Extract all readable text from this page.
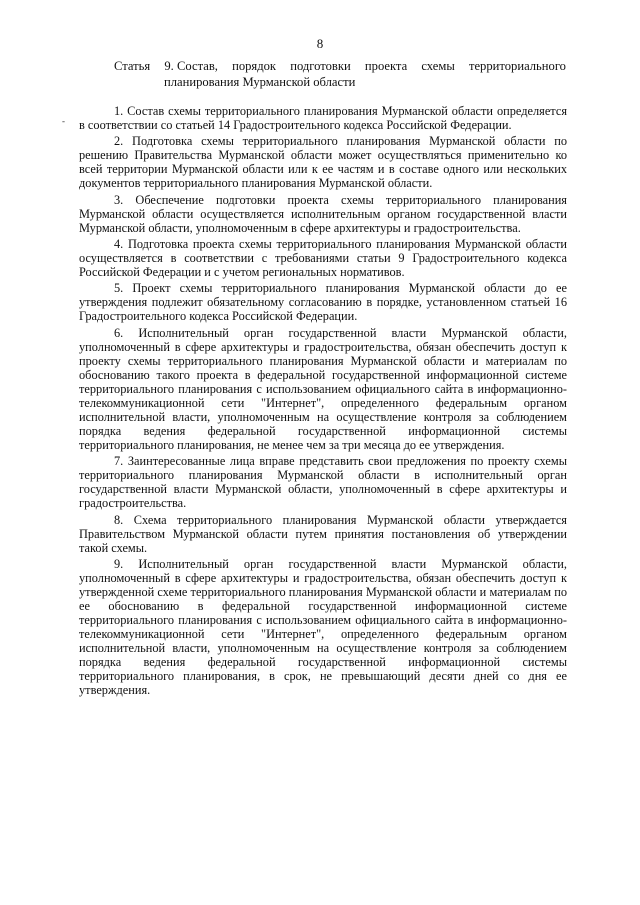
8
Статья 9. Состав, порядок подготовки проекта схемы территориального
планирования Мурманской области
-

1. Состав схемы территориального планирования Мурманской области определяется в соответствии со статьей 14 Градостроительного кодекса Российской Федерации.

2. Подготовка схемы территориального планирования Мурманской области по решению Правительства Мурманской области может осуществляться применительно ко всей территории Мурманской области или к ее частям и в составе одного или нескольких документов территориального планирования Мурманской области.

3. Обеспечение подготовки проекта схемы территориального планирования Мурманской области осуществляется исполнительным органом государственной власти Мурманской области, уполномоченным в сфере архитектуры и градостроительства.

4. Подготовка проекта схемы территориального планирования Мурманской области осуществляется в соответствии с требованиями статьи 9 Градостроительного кодекса Российской Федерации и с учетом региональных нормативов.

5. Проект схемы территориального планирования Мурманской области до ее утверждения подлежит обязательному согласованию в порядке, установленном статьей 16 Градостроительного кодекса Российской Федерации.

6. Исполнительный орган государственной власти Мурманской области, уполномоченный в сфере архитектуры и градостроительства, обязан обеспечить доступ к проекту схемы территориального планирования Мурманской области и материалам по обоснованию такого проекта в федеральной государственной информационной системе территориального планирования с использованием официального сайта в информационно-телекоммуникационной сети "Интернет", определенного федеральным органом исполнительной власти, уполномоченным на осуществление контроля за соблюдением порядка ведения федеральной государственной информационной системы территориального планирования, не менее чем за три месяца до ее утверждения.

7. Заинтересованные лица вправе представить свои предложения по проекту схемы территориального планирования Мурманской области в исполнительный орган государственной власти Мурманской области, уполномоченный в сфере архитектуры и градостроительства.

8. Схема территориального планирования Мурманской области утверждается Правительством Мурманской области путем принятия постановления об утверждении такой схемы.

9. Исполнительный орган государственной власти Мурманской области, уполномоченный в сфере архитектуры и градостроительства, обязан обеспечить доступ к утвержденной схеме территориального планирования Мурманской области и материалам по ее обоснованию в федеральной государственной информационной системе территориального планирования с использованием официального сайта в информационно-телекоммуникационной сети "Интернет", определенного федеральным органом исполнительной власти, уполномоченным на осуществление контроля за соблюдением порядка ведения федеральной государственной информационной системы территориального планирования, в срок, не превышающий десяти дней со дня ее утверждения.
